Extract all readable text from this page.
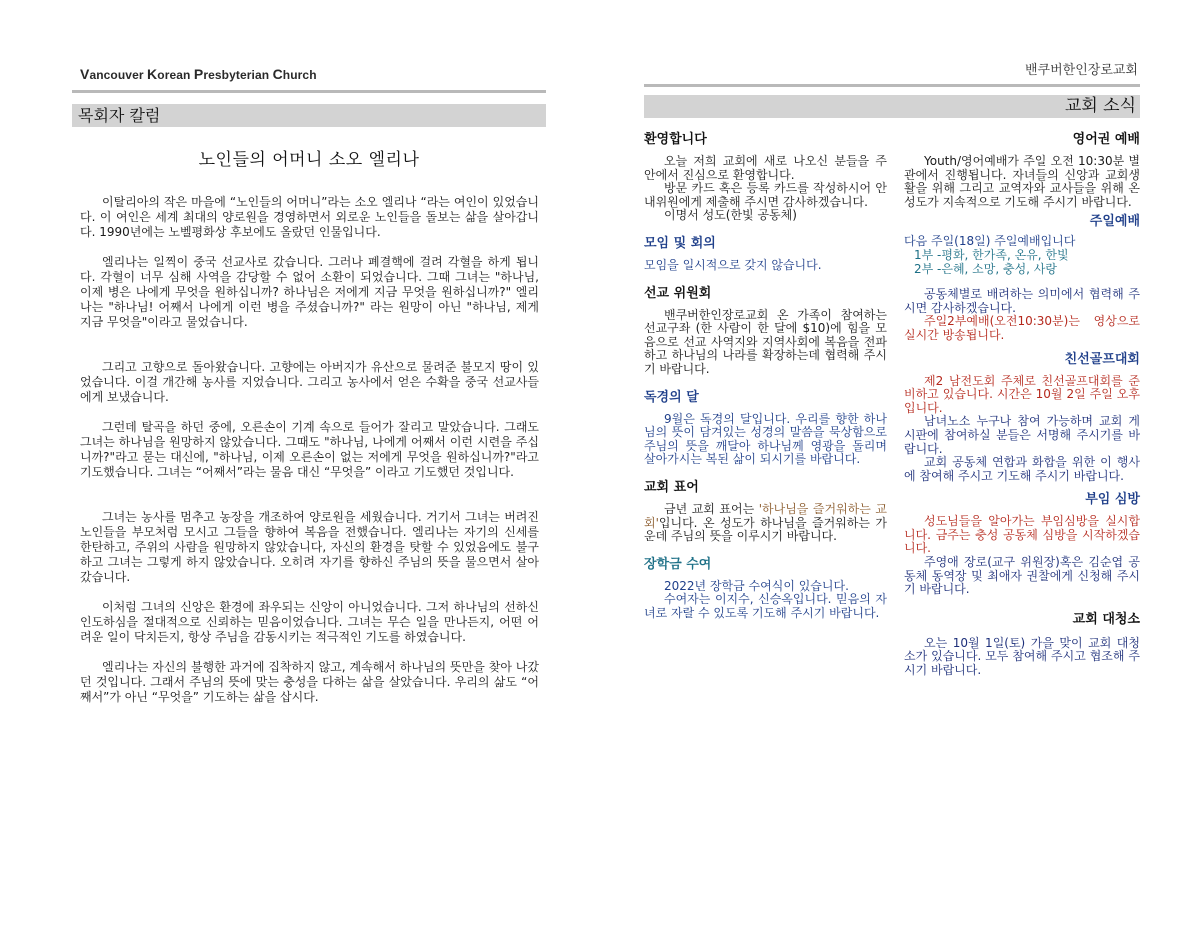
Vancouver Korean Presbyterian Church
목회자 칼럼
노인들의 어머니 소오 엘리나

이탈리아의 작은 마을에 “노인들의 어머니”라는 소오 엘리나 “라는 여인이 있었습니다. 이 여인은 세계 최대의 양로원을 경영하면서 외로운 노인들을 돌보는 삶을 살아갑니다. 1990년에는 노벨평화상 후보에도 올랐던 인물입니다.

엘리나는 일찍이 중국 선교사로 갔습니다. 그러나 폐결핵에 걸려 각혈을 하게 됩니다. 각혈이 너무 심해 사역을 감당할 수 없어 소환이 되었습니다. 그때 그녀는 "하나님, 이제 병은 나에게 무엇을 원하십니까? 하나님은 저에게 지금 무엇을 원하십니까?" 엘리나는 "하나님! 어째서 나에게 이런 병을 주셨습니까?" 라는 원망이 아닌 "하나님, 제게 지금 무엇을"이라고 물었습니다.

그리고 고향으로 돌아왔습니다. 고향에는 아버지가 유산으로 물려준 불모지 땅이 있었습니다. 이걸 개간해 농사를 지었습니다. 그리고 농사에서 얻은 수확을 중국 선교사들에게 보냈습니다.

그런데 탈곡을 하던 중에, 오른손이 기계 속으로 들어가 잘리고 말았습니다. 그래도 그녀는 하나님을 원망하지 않았습니다. 그때도 "하나님, 나에게 어째서 이런 시련을 주십니까?"라고 묻는 대신에, "하나님, 이제 오른손이 없는 저에게 무엇을 원하십니까?"라고 기도했습니다. 그녀는 “어째서”라는 물음 대신 “무엇을” 이라고 기도했던 것입니다.

그녀는 농사를 멈추고 농장을 개조하여 양로원을 세웠습니다. 거기서 그녀는 버려진 노인들을 부모처럼 모시고 그들을 향하여 복음을 전했습니다. 엘리나는 자기의 신세를 한탄하고, 주위의 사람을 원망하지 않았습니다, 자신의 환경을 탓할 수 있었음에도 불구하고 그녀는 그렇게 하지 않았습니다. 오히려 자기를 향하신 주님의 뜻을 물으면서 살아갔습니다.

이처럼 그녀의 신앙은 환경에 좌우되는 신앙이 아니었습니다. 그저 하나님의 선하신 인도하심을 절대적으로 신뢰하는 믿음이었습니다. 그녀는 무슨 일을 만나든지, 어떤 어려운 일이 닥치든지, 항상 주님을 감동시키는 적극적인 기도를 하였습니다.

엘리나는 자신의 불행한 과거에 집착하지 않고, 계속해서 하나님의 뜻만을 찾아 나갔던 것입니다. 그래서 주님의 뜻에 맞는 충성을 다하는 삶을 살았습니다. 우리의 삶도 “어째서”가 아닌 “무엇을” 기도하는 삶을 삽시다.

밴쿠버한인장로교회
교회 소식
환영합니다

오늘 저희 교회에 새로 나오신 분들을 주 안에서 진심으로 환영합니다.

방문 카드 혹은 등록 카드를 작성하시어 안내위원에게 제출해 주시면 감사하겠습니다.

이명서 성도(한빛 공동체)

모임 및 회의

모임을 일시적으로 갖지 않습니다.

선교 위원회

밴쿠버한인장로교회 온 가족이 참여하는 선교구좌 (한 사람이 한 달에 $10)에 힘을 모음으로 선교 사역지와 지역사회에 복음을 전파하고 하나님의 나라를 확장하는데 협력해 주시기 바랍니다.

독경의 달

9월은 독경의 달입니다. 우리를 향한 하나님의 뜻이 담겨있는 성경의 말씀을 묵상함으로 주님의 뜻을 깨달아 하나님께 영광을 돌리며 살아가시는 복된 삶이 되시기를 바랍니다.

교회 표어

금년 교회 표어는 '하나님을 즐거워하는 교회'입니다. 온 성도가 하나님을 즐거워하는 가운데 주님의 뜻을 이루시기 바랍니다.

장학금 수여

2022년 장학금 수여식이 있습니다.

수여자는 이지수, 신승옥입니다. 믿음의 자녀로 자랄 수 있도록 기도해 주시기 바랍니다.

영어권 예배

Youth/영어예배가 주일 오전 10:30분 별관에서 진행됩니다. 자녀들의 신앙과 교회생활을 위해 그리고 교역자와 교사들을 위해 온 성도가 지속적으로 기도해 주시기 바랍니다.

주일예배

다음 주일(18일) 주일예배입니다

1부 -평화, 한가족, 온유, 한빛

2부 -은혜, 소망, 충성, 사랑

공동체별로 배려하는 의미에서 협력해 주시면 감사하겠습니다.

주일2부예배(오전10:30분)는 영상으로 실시간 방송됩니다.

친선골프대회

제2 남전도회 주체로 친선골프대회를 준비하고 있습니다. 시간은 10월 2일 주일 오후입니다.

남녀노소 누구나 참여 가능하며 교회 게시판에 참여하실 분들은 서명해 주시기를 바랍니다.

교회 공동체 연합과 화합을 위한 이 행사에 참여해 주시고 기도해 주시기 바랍니다.

부임 심방

성도님들을 알아가는 부임심방을 실시합니다. 금주는 충성 공동체 심방을 시작하겠습니다.

주영애 장로(교구 위원장)혹은 김순엽 공동체 동역장 및 최애자 권찰에게 신청해 주시기 바랍니다.

교회 대청소

오는 10월 1일(토) 가을 맞이 교회 대청소가 있습니다. 모두 참여해 주시고 협조해 주시기 바랍니다.
